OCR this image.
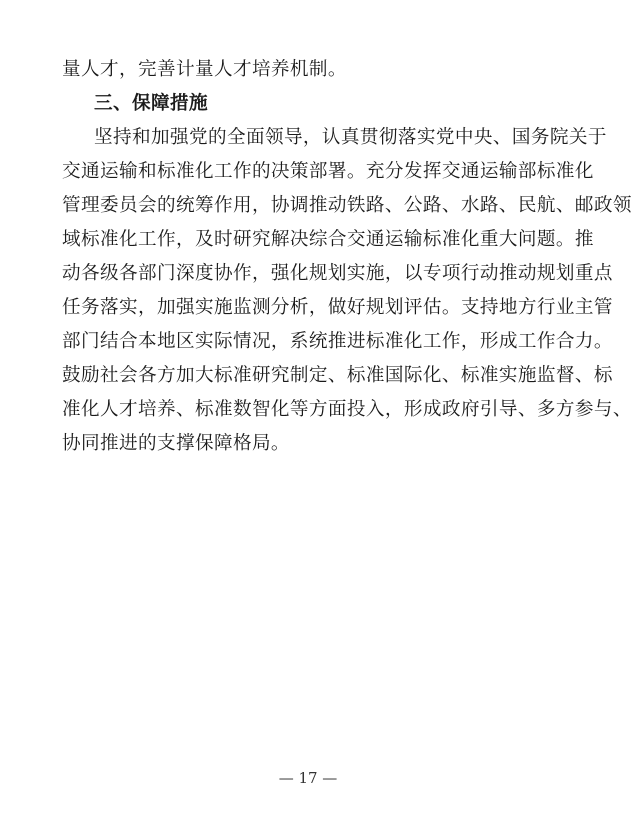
量人才，完善计量人才培养机制。
三、保障措施
坚持和加强党的全面领导，认真贯彻落实党中央、国务院关于
交通运输和标准化工作的决策部署。充分发挥交通运输部标准化
管理委员会的统筹作用，协调推动铁路、公路、水路、民航、邮政领
域标准化工作，及时研究解决综合交通运输标准化重大问题。推
动各级各部门深度协作，强化规划实施，以专项行动推动规划重点
任务落实，加强实施监测分析，做好规划评估。支持地方行业主管
部门结合本地区实际情况，系统推进标准化工作，形成工作合力。
鼓励社会各方加大标准研究制定、标准国际化、标准实施监督、标
准化人才培养、标准数智化等方面投入，形成政府引导、多方参与、
协同推进的支撑保障格局。
— 17 —
